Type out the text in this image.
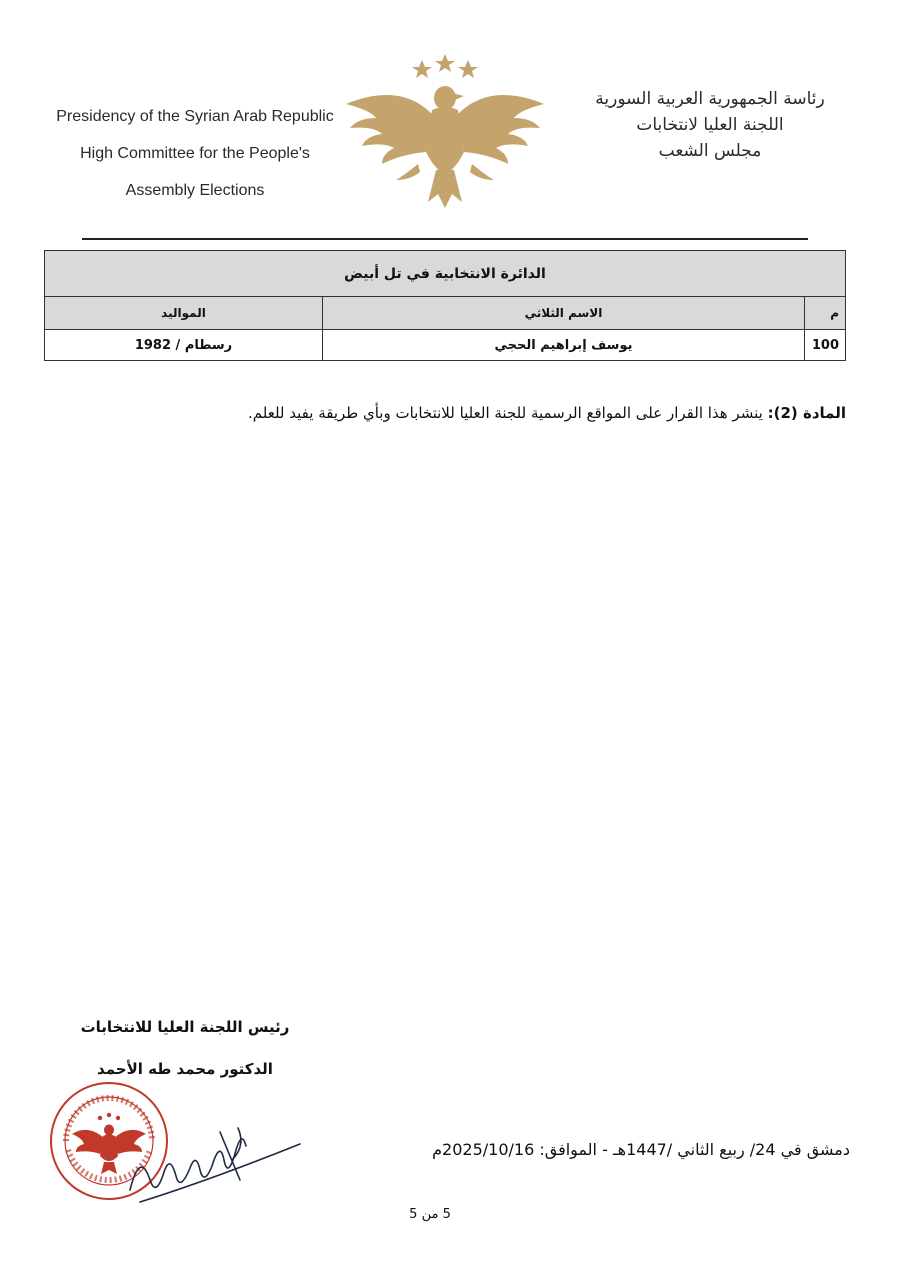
Presidency of the Syrian Arab Republic
High Committee for the People's
Assembly Elections
رئاسة الجمهورية العربية السورية
اللجنة العليا لانتخابات
مجلس الشعب
الدائرة الانتخابية في تل أبيض		
م	الاسم الثلاثي	المواليد
100	يوسف إبراهيم الحجي	رسطام / 1982
المادة (2): ينشر هذا القرار على المواقع الرسمية للجنة العليا للانتخابات وبأي طريقة يفيد للعلم.
رئيس اللجنة العليا للانتخابات
الدكتور محمد طه الأحمد
دمشق في 24/ ربيع الثاني /1447هـ - الموافق: 2025/10/16م
5 من 5
